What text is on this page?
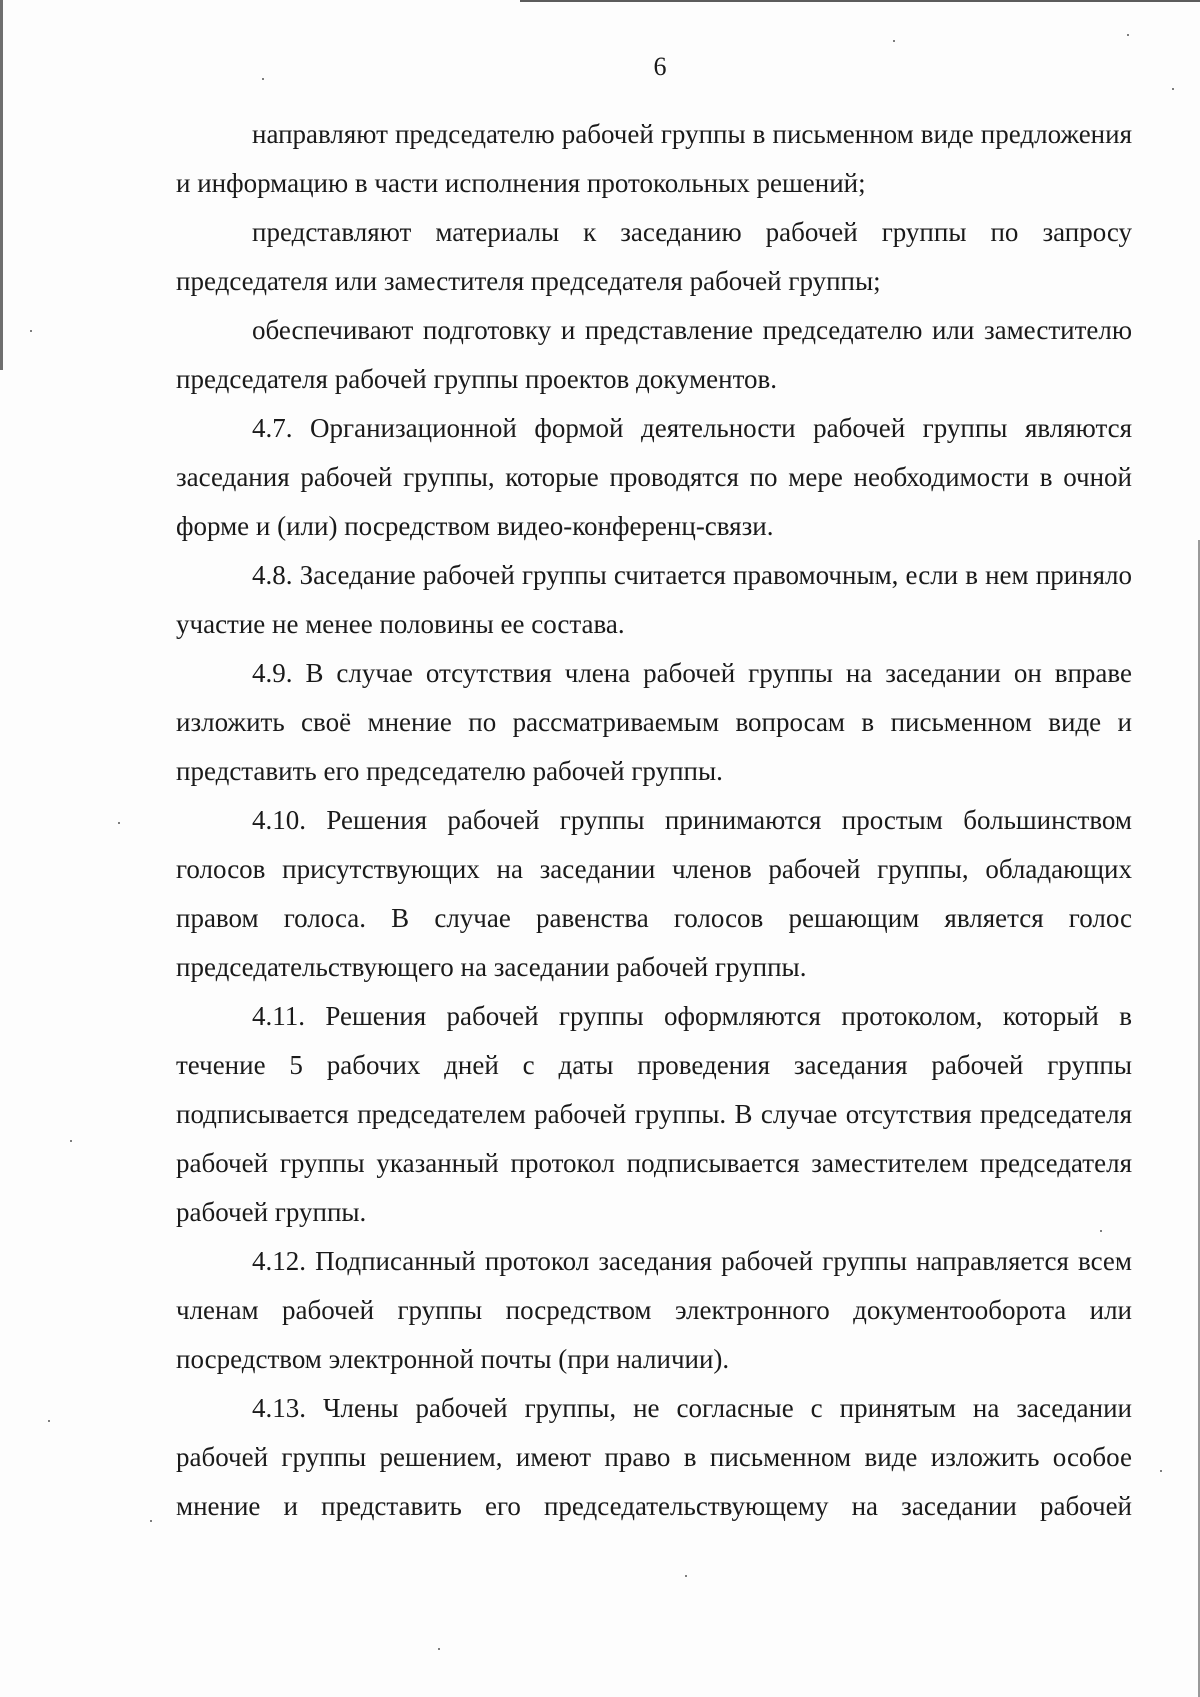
6

направляют председателю рабочей группы в письменном виде предложения и информацию в части исполнения протокольных решений;

представляют материалы к заседанию рабочей группы по запросу председателя или заместителя председателя рабочей группы;

обеспечивают подготовку и представление председателю или заместителю председателя рабочей группы проектов документов.

4.7. Организационной формой деятельности рабочей группы являются заседания рабочей группы, которые проводятся по мере необходимости в очной форме и (или) посредством видео-конференц-связи.

4.8. Заседание рабочей группы считается правомочным, если в нем приняло участие не менее половины ее состава.

4.9. В случае отсутствия члена рабочей группы на заседании он вправе изложить своё мнение по рассматриваемым вопросам в письменном виде и представить его председателю рабочей группы.

4.10. Решения рабочей группы принимаются простым большинством голосов присутствующих на заседании членов рабочей группы, обладающих правом голоса. В случае равенства голосов решающим является голос председательствующего на заседании рабочей группы.

4.11. Решения рабочей группы оформляются протоколом, который в течение 5 рабочих дней с даты проведения заседания рабочей группы подписывается председателем рабочей группы. В случае отсутствия председателя рабочей группы указанный протокол подписывается заместителем председателя рабочей группы.

4.12. Подписанный протокол заседания рабочей группы направляется всем членам рабочей группы посредством электронного документооборота или посредством электронной почты (при наличии).

4.13. Члены рабочей группы, не согласные с принятым на заседании рабочей группы решением, имеют право в письменном виде изложить особое мнение и представить его председательствующему на заседании рабочей
